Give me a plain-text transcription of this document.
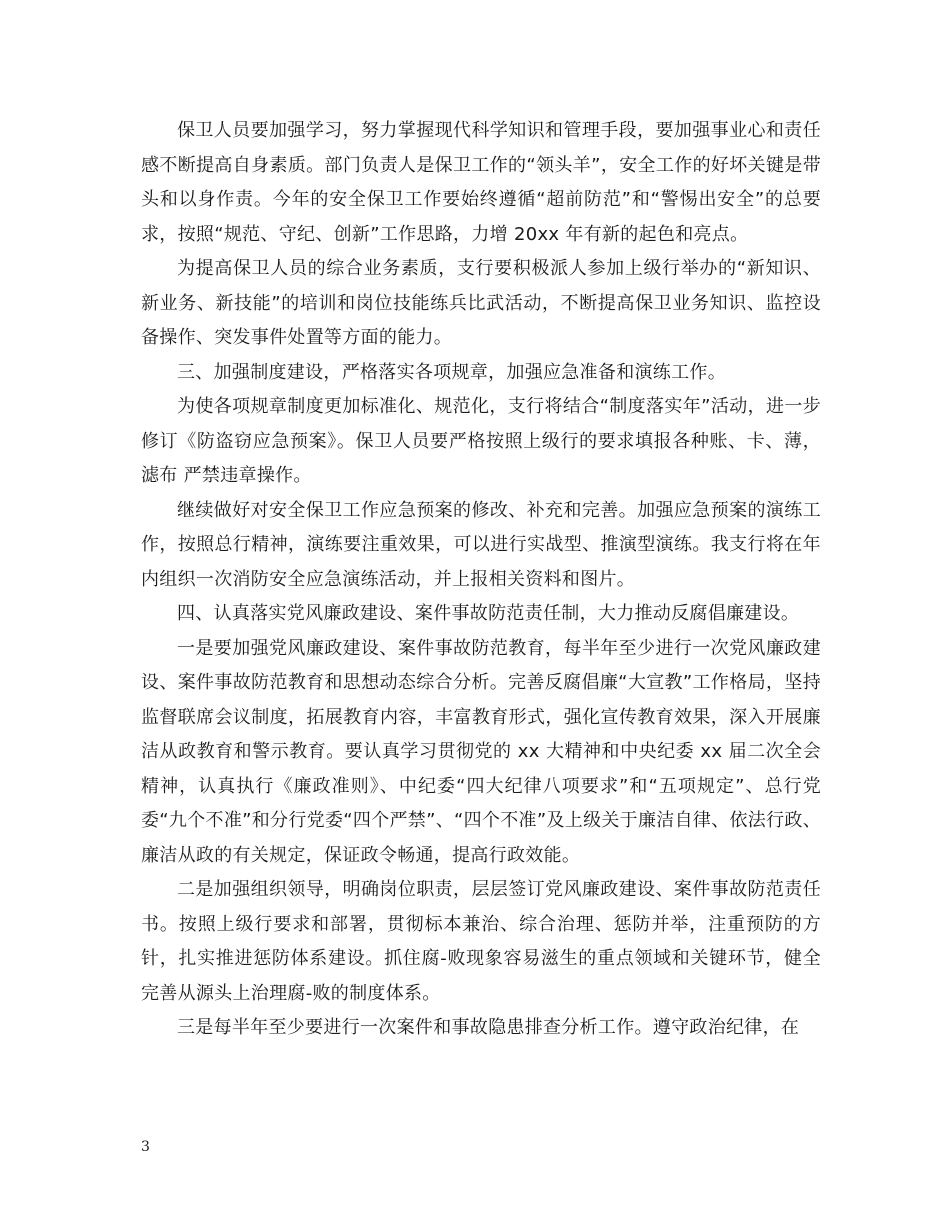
保卫人员要加强学习，努力掌握现代科学知识和管理手段，要加强事业心和责任感不断提高自身素质。部门负责人是保卫工作的“领头羊”，安全工作的好坏关键是带头和以身作责。今年的安全保卫工作要始终遵循“超前防范”和“警惕出安全”的总要求，按照“规范、守纪、创新”工作思路，力增 20xx 年有新的起色和亮点。

为提高保卫人员的综合业务素质，支行要积极派人参加上级行举办的“新知识、新业务、新技能”的培训和岗位技能练兵比武活动，不断提高保卫业务知识、监控设备操作、突发事件处置等方面的能力。

三、加强制度建设，严格落实各项规章，加强应急准备和演练工作。

为使各项规章制度更加标准化、规范化，支行将结合“制度落实年”活动，进一步修订《防盗窃应急预案》。保卫人员要严格按照上级行的要求填报各种账、卡、薄，滤布 严禁违章操作。

继续做好对安全保卫工作应急预案的修改、补充和完善。加强应急预案的演练工作，按照总行精神，演练要注重效果，可以进行实战型、推演型演练。我支行将在年内组织一次消防安全应急演练活动，并上报相关资料和图片。

四、认真落实党风廉政建设、案件事故防范责任制，大力推动反腐倡廉建设。

一是要加强党风廉政建设、案件事故防范教育，每半年至少进行一次党风廉政建设、案件事故防范教育和思想动态综合分析。完善反腐倡廉“大宣教”工作格局，坚持监督联席会议制度，拓展教育内容，丰富教育形式，强化宣传教育效果，深入开展廉洁从政教育和警示教育。要认真学习贯彻党的 xx 大精神和中央纪委 xx 届二次全会精神，认真执行《廉政准则》、中纪委“四大纪律八项要求”和“五项规定”、总行党委“九个不准”和分行党委“四个严禁”、“四个不准”及上级关于廉洁自律、依法行政、廉洁从政的有关规定，保证政令畅通，提高行政效能。

二是加强组织领导，明确岗位职责，层层签订党风廉政建设、案件事故防范责任书。按照上级行要求和部署，贯彻标本兼治、综合治理、惩防并举，注重预防的方针，扎实推进惩防体系建设。抓住腐-败现象容易滋生的重点领域和关键环节，健全完善从源头上治理腐-败的制度体系。

三是每半年至少要进行一次案件和事故隐患排查分析工作。遵守政治纪律，在

3
